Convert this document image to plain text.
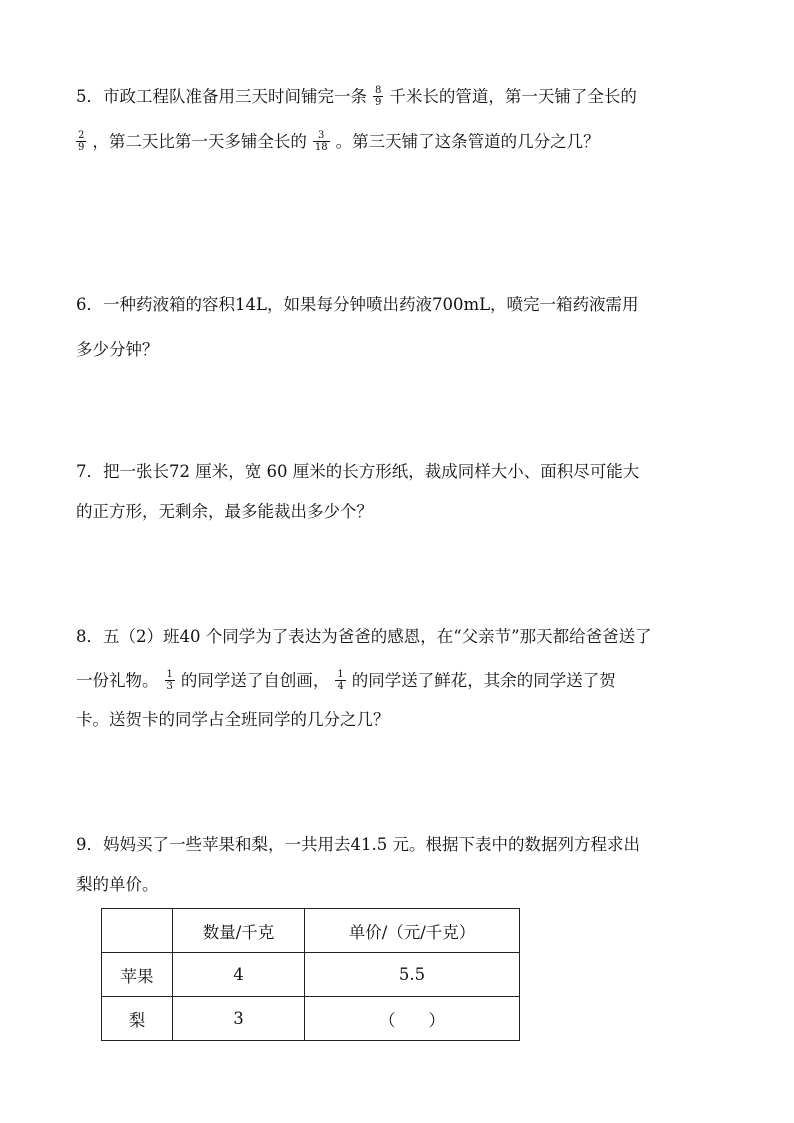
5．市政工程队准备用三天时间铺完一条 $\frac{8}{9}$ 千米长的管道，第一天铺了全长的
$\frac{2}{9}$ ，第二天比第一天多铺全长的 $\frac{3}{18}$ 。第三天铺了这条管道的几分之几？
6．一种药液箱的容积14L，如果每分钟喷出药液700mL，喷完一箱药液需用
多少分钟？
7．把一张长72 厘米，宽 60 厘米的长方形纸，裁成同样大小、面积尽可能大
的正方形，无剩余，最多能裁出多少个？
8．五（2）班40 个同学为了表达为爸爸的感恩，在“父亲节”那天都给爸爸送了
一份礼物。 $\frac{1}{3}$ 的同学送了自创画， $\frac{1}{4}$ 的同学送了鲜花，其余的同学送了贺
卡。送贺卡的同学占全班同学的几分之几？
9．妈妈买了一些苹果和梨，一共用去41.5 元。根据下表中的数据列方程求出
梨的单价。
	数量/千克	单价/（元/千克）
苹果	4	5.5
梨	3	（　　）
